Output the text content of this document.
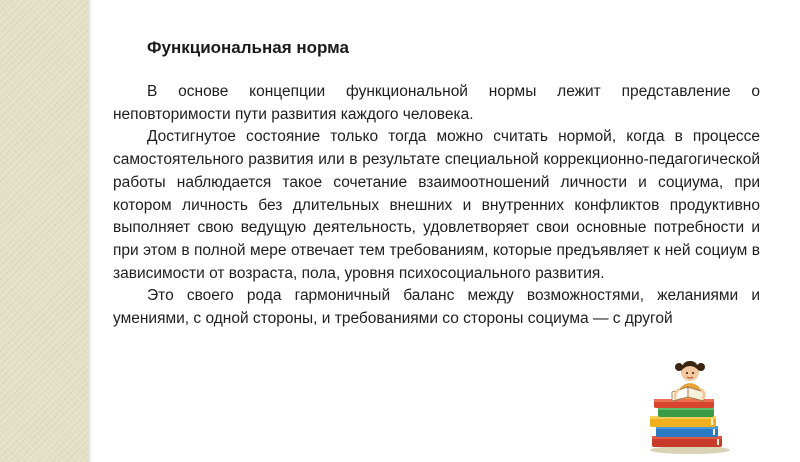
Функциональная норма

В основе концепции функциональной нормы лежит представление о неповторимости пути развития каждого человека.

Достигнутое состояние только тогда можно считать нормой, когда в процессе самостоятельного развития или в результате специальной коррекционно-педагогической работы наблюдается такое сочетание взаимоотношений личности и социума, при котором личность без длительных внешних и внутренних конфликтов продуктивно выполняет свою ведущую деятельность, удовлетворяет свои основные потребности и при этом в полной мере отвечает тем требованиям, которые предъявляет к ней социум в зависимости от возраста, пола, уровня психосоциального развития.

Это своего рода гармоничный баланс между возможностями, желаниями и умениями, с одной стороны, и требованиями со стороны социума — с другой
